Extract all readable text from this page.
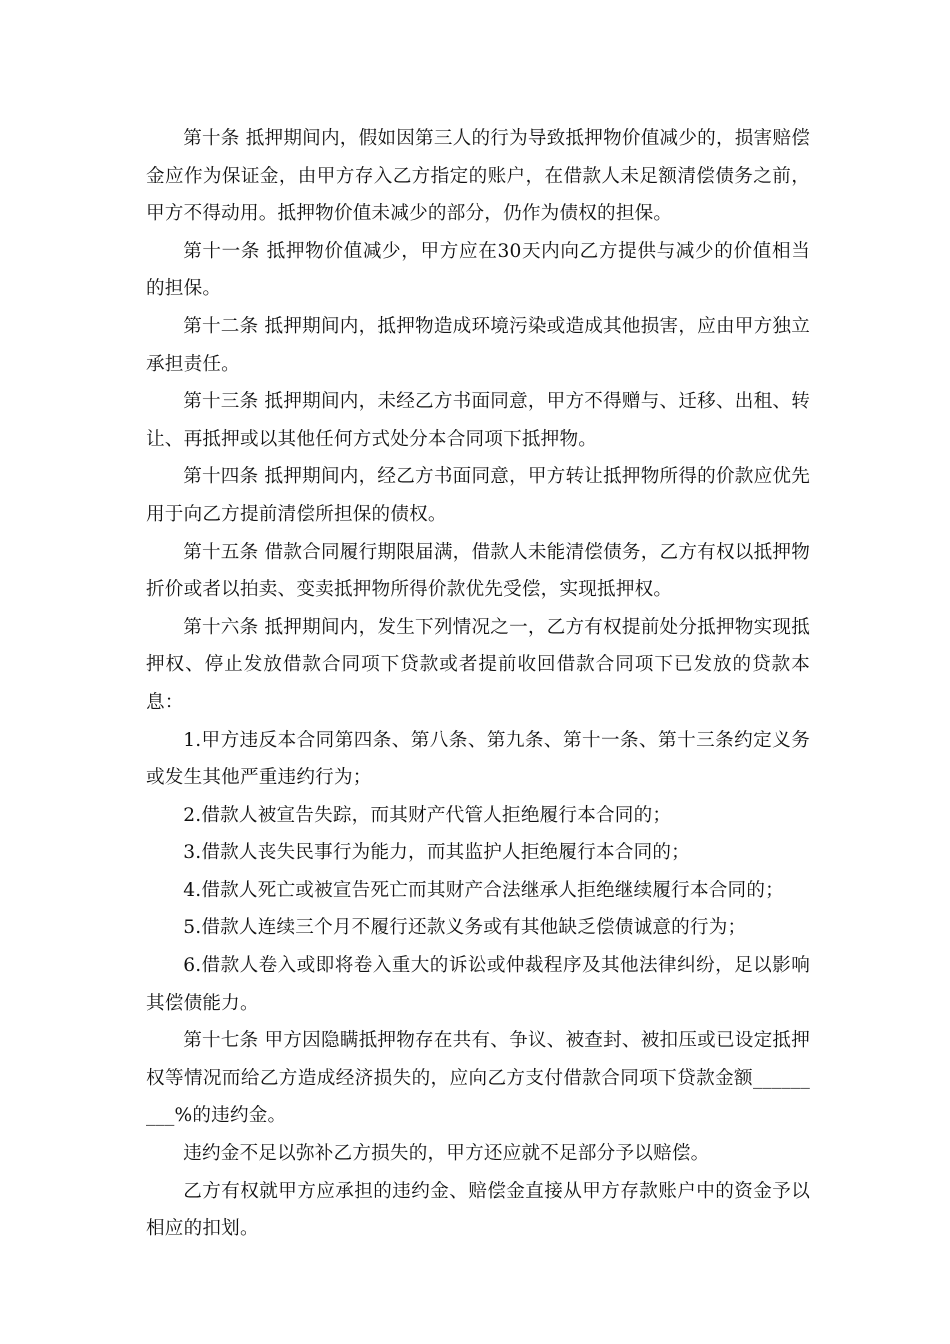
第十条 抵押期间内，假如因第三人的行为导致抵押物价值减少的，损害赔偿金应作为保证金，由甲方存入乙方指定的账户，在借款人未足额清偿债务之前，甲方不得动用。抵押物价值未减少的部分，仍作为债权的担保。

第十一条 抵押物价值减少，甲方应在30天内向乙方提供与减少的价值相当的担保。

第十二条 抵押期间内，抵押物造成环境污染或造成其他损害，应由甲方独立承担责任。

第十三条 抵押期间内，未经乙方书面同意，甲方不得赠与、迁移、出租、转让、再抵押或以其他任何方式处分本合同项下抵押物。

第十四条 抵押期间内，经乙方书面同意，甲方转让抵押物所得的价款应优先用于向乙方提前清偿所担保的债权。

第十五条 借款合同履行期限届满，借款人未能清偿债务，乙方有权以抵押物折价或者以拍卖、变卖抵押物所得价款优先受偿，实现抵押权。

第十六条 抵押期间内，发生下列情况之一，乙方有权提前处分抵押物实现抵押权、停止发放借款合同项下贷款或者提前收回借款合同项下已发放的贷款本息：

1.甲方违反本合同第四条、第八条、第九条、第十一条、第十三条约定义务或发生其他严重违约行为；

2.借款人被宣告失踪，而其财产代管人拒绝履行本合同的；

3.借款人丧失民事行为能力，而其监护人拒绝履行本合同的；

4.借款人死亡或被宣告死亡而其财产合法继承人拒绝继续履行本合同的；

5.借款人连续三个月不履行还款义务或有其他缺乏偿债诚意的行为；

6.借款人卷入或即将卷入重大的诉讼或仲裁程序及其他法律纠纷，足以影响其偿债能力。

第十七条 甲方因隐瞒抵押物存在共有、争议、被查封、被扣压或已设定抵押权等情况而给乙方造成经济损失的，应向乙方支付借款合同项下贷款金额_________%的违约金。

违约金不足以弥补乙方损失的，甲方还应就不足部分予以赔偿。

乙方有权就甲方应承担的违约金、赔偿金直接从甲方存款账户中的资金予以相应的扣划。
